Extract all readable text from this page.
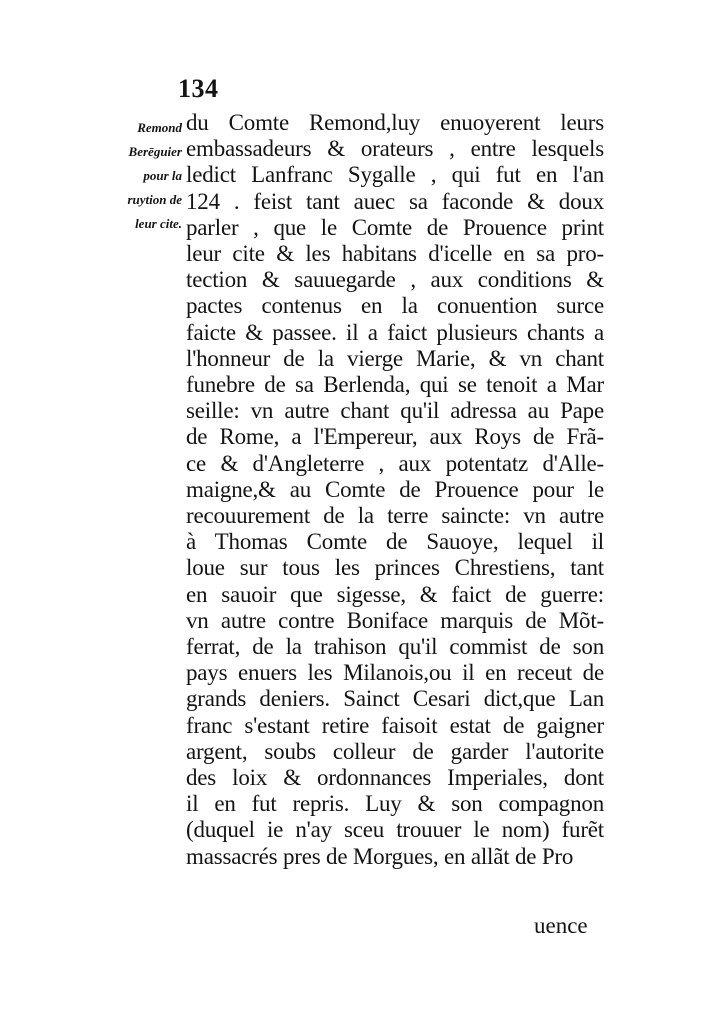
134
Remond
Berēguier
pour la
ruytion de
leur cite.
du Comte Remond,luy enuoyerent leurs
embassadeurs & orateurs , entre lesquels
ledict Lanfranc Sygalle , qui fut en l'an
124 . feist tant auec sa faconde & doux
parler , que le Comte de Prouence print
leur cite & les habitans d'icelle en sa pro-
tection & sauuegarde , aux conditions &
pactes contenus en la conuention surce
faicte & passee. il a faict plusieurs chants a
l'honneur de la vierge Marie, & vn chant
funebre de sa Berlenda, qui se tenoit a Mar
seille: vn autre chant qu'il adressa au Pape
de Rome, a l'Empereur, aux Roys de Frã-
ce & d'Angleterre , aux potentatz d'Alle-
maigne,& au Comte de Prouence pour le
recouurement de la terre saincte: vn autre
à Thomas Comte de Sauoye, lequel il
loue sur tous les princes Chrestiens, tant
en sauoir que sigesse, & faict de guerre:
vn autre contre Boniface marquis de Mõt-
ferrat, de la trahison qu'il commist de son
pays enuers les Milanois,ou il en receut de
grands deniers. Sainct Cesari dict,que Lan
franc s'estant retire faisoit estat de gaigner
argent, soubs colleur de garder l'autorite
des loix & ordonnances Imperiales, dont
il en fut repris. Luy & son compagnon
(duquel ie n'ay sceu trouuer le nom) furẽt
massacrés pres de Morgues, en allãt de Pro
uence
